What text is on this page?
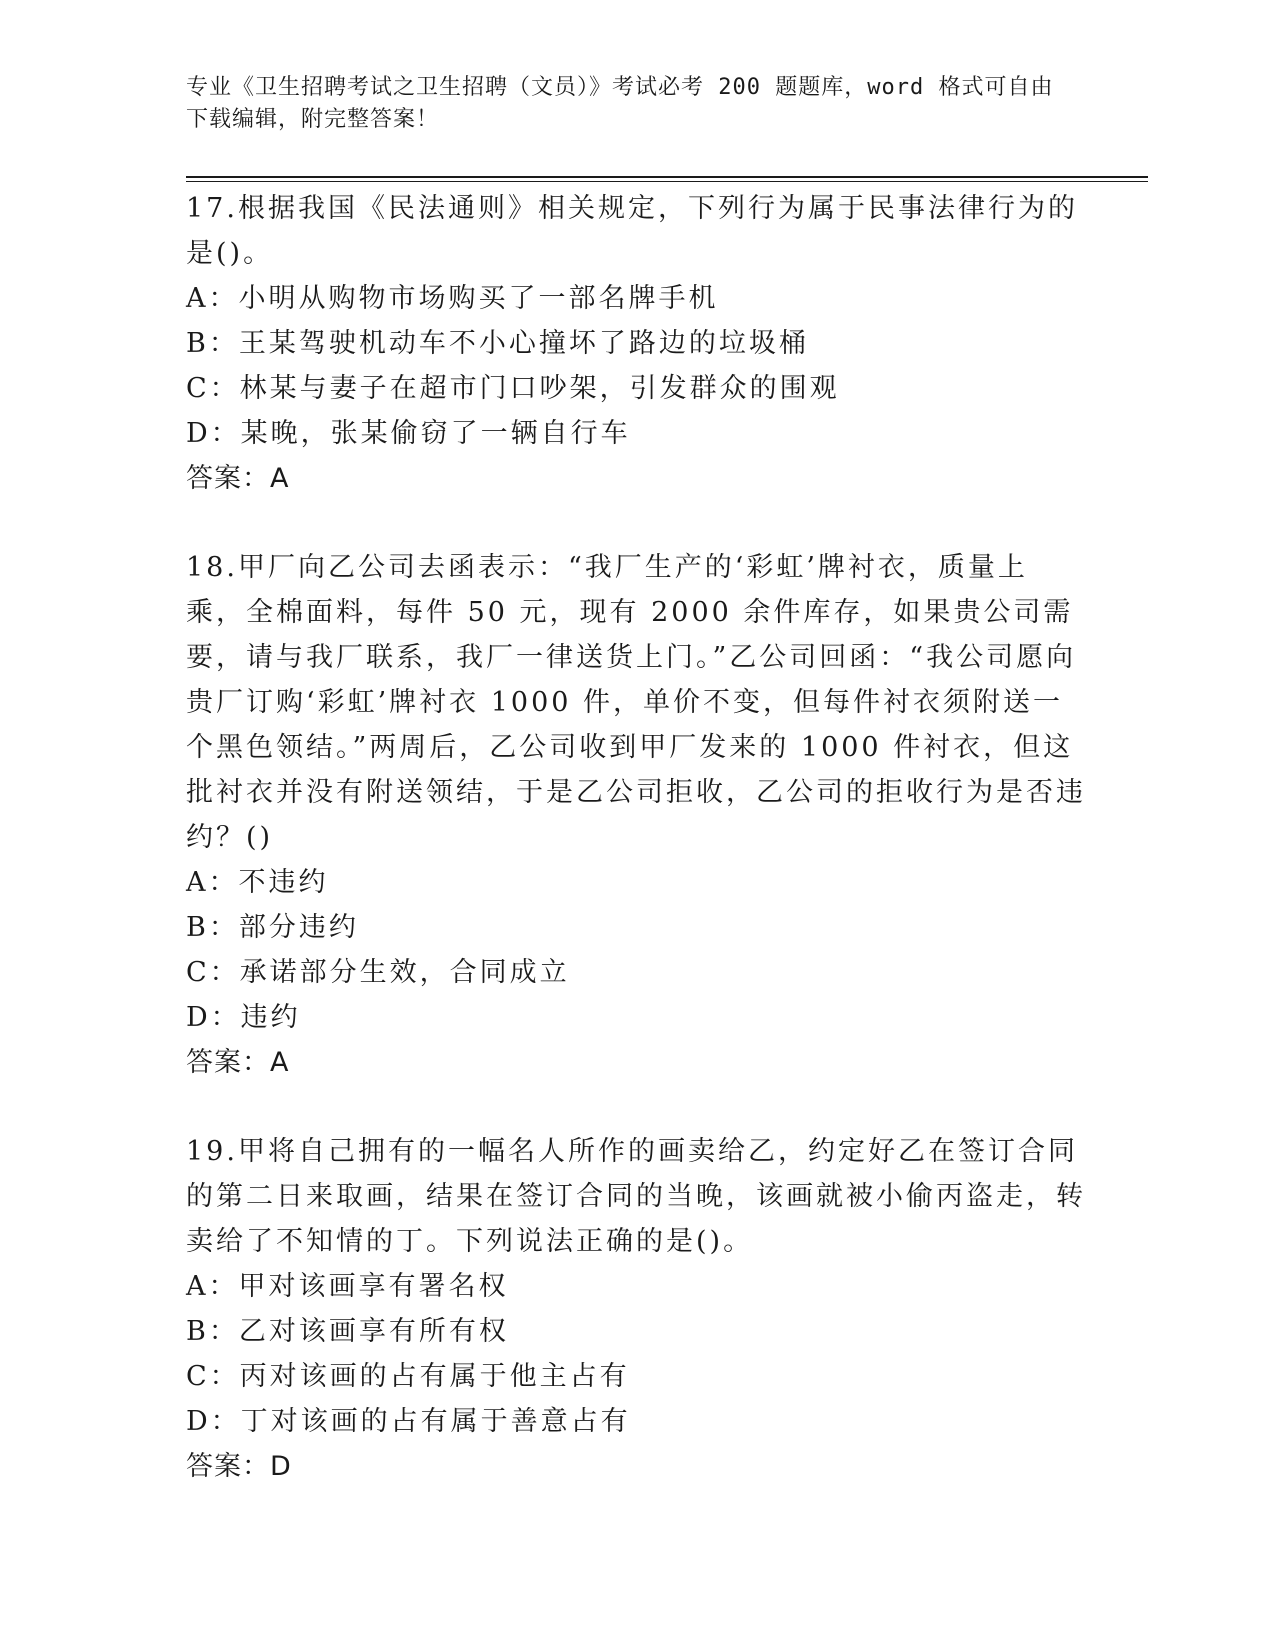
专业《卫生招聘考试之卫生招聘（文员）》考试必考 200 题题库，word 格式可自由下载编辑，附完整答案！

17.根据我国《民法通则》相关规定，下列行为属于民事法律行为的是()。

A：小明从购物市场购买了一部名牌手机

B：王某驾驶机动车不小心撞坏了路边的垃圾桶

C：林某与妻子在超市门口吵架，引发群众的围观

D：某晚，张某偷窃了一辆自行车

答案：A

18.甲厂向乙公司去函表示：“我厂生产的‘彩虹’牌衬衣，质量上乘，全棉面料，每件 50 元，现有 2000 余件库存，如果贵公司需要，请与我厂联系，我厂一律送货上门。”乙公司回函：“我公司愿向贵厂订购‘彩虹’牌衬衣 1000 件，单价不变，但每件衬衣须附送一个黑色领结。”两周后，乙公司收到甲厂发来的 1000 件衬衣，但这批衬衣并没有附送领结，于是乙公司拒收，乙公司的拒收行为是否违约？()

A：不违约

B：部分违约

C：承诺部分生效，合同成立

D：违约

答案：A

19.甲将自己拥有的一幅名人所作的画卖给乙，约定好乙在签订合同的第二日来取画，结果在签订合同的当晚，该画就被小偷丙盗走，转卖给了不知情的丁。下列说法正确的是()。

A：甲对该画享有署名权

B：乙对该画享有所有权

C：丙对该画的占有属于他主占有

D：丁对该画的占有属于善意占有

答案：D
